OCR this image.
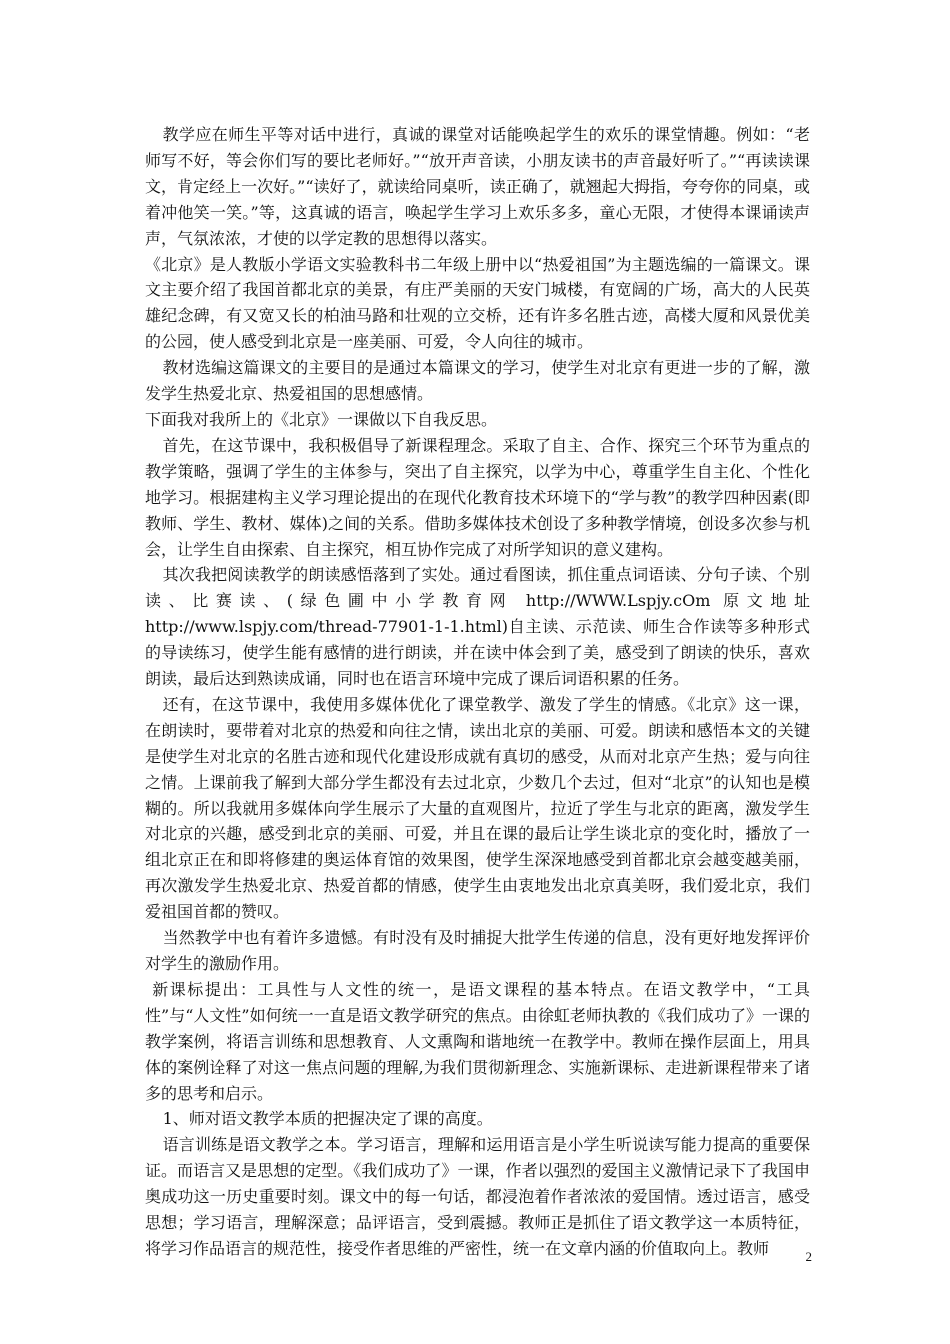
教学应在师生平等对话中进行，真诚的课堂对话能唤起学生的欢乐的课堂情趣。例如：“老师写不好，等会你们写的要比老师好。”“放开声音读，小朋友读书的声音最好听了。”“再读读课文，肯定经上一次好。”“读好了，就读给同桌听，读正确了，就翘起大拇指，夸夸你的同桌，或着冲他笑一笑。”等，这真诚的语言，唤起学生学习上欢乐多多，童心无限，才使得本课诵读声声，气氛浓浓，才使的以学定教的思想得以落实。

《北京》是人教版小学语文实验教科书二年级上册中以“热爱祖国”为主题选编的一篇课文。课文主要介绍了我国首都北京的美景，有庄严美丽的天安门城楼，有宽阔的广场，高大的人民英雄纪念碑，有又宽又长的柏油马路和壮观的立交桥，还有许多名胜古迹，高楼大厦和风景优美的公园，使人感受到北京是一座美丽、可爱，令人向往的城市。

教材选编这篇课文的主要目的是通过本篇课文的学习，使学生对北京有更进一步的了解，激发学生热爱北京、热爱祖国的思想感情。

下面我对我所上的《北京》一课做以下自我反思。

首先，在这节课中，我积极倡导了新课程理念。采取了自主、合作、探究三个环节为重点的教学策略，强调了学生的主体参与，突出了自主探究，以学为中心，尊重学生自主化、个性化地学习。根据建构主义学习理论提出的在现代化教育技术环境下的“学与教”的教学四种因素(即教师、学生、教材、媒体)之间的关系。借助多媒体技术创设了多种教学情境，创设多次参与机会，让学生自由探索、自主探究，相互协作完成了对所学知识的意义建构。

其次我把阅读教学的朗读感悟落到了实处。通过看图读，抓住重点词语读、分句子读、个别读、比赛读、(绿色圃中小学教育网 http://WWW.Lspjy.cOm 原文地址 http://www.lspjy.com/thread-77901-1-1.html)自主读、示范读、师生合作读等多种形式的导读练习，使学生能有感情的进行朗读，并在读中体会到了美，感受到了朗读的快乐，喜欢朗读，最后达到熟读成诵，同时也在语言环境中完成了课后词语积累的任务。

还有，在这节课中，我使用多媒体优化了课堂教学、激发了学生的情感。《北京》这一课，在朗读时，要带着对北京的热爱和向往之情，读出北京的美丽、可爱。朗读和感悟本文的关键是使学生对北京的名胜古迹和现代化建设形成就有真切的感受，从而对北京产生热；爱与向往之情。上课前我了解到大部分学生都没有去过北京，少数几个去过，但对“北京”的认知也是模糊的。所以我就用多媒体向学生展示了大量的直观图片，拉近了学生与北京的距离，激发学生对北京的兴趣，感受到北京的美丽、可爱，并且在课的最后让学生谈北京的变化时，播放了一组北京正在和即将修建的奥运体育馆的效果图，使学生深深地感受到首都北京会越变越美丽，再次激发学生热爱北京、热爱首都的情感，使学生由衷地发出北京真美呀，我们爱北京，我们爱祖国首都的赞叹。

当然教学中也有着许多遗憾。有时没有及时捕捉大批学生传递的信息，没有更好地发挥评价对学生的激励作用。

新课标提出：工具性与人文性的统一，是语文课程的基本特点。在语文教学中，“工具性”与“人文性”如何统一一直是语文教学研究的焦点。由徐虹老师执教的《我们成功了》一课的教学案例，将语言训练和思想教育、人文熏陶和谐地统一在教学中。教师在操作层面上，用具体的案例诠释了对这一焦点问题的理解,为我们贯彻新理念、实施新课标、走进新课程带来了诸多的思考和启示。

1、师对语文教学本质的把握决定了课的高度。

语言训练是语文教学之本。学习语言，理解和运用语言是小学生听说读写能力提高的重要保证。而语言又是思想的定型。《我们成功了》一课，作者以强烈的爱国主义激情记录下了我国申奥成功这一历史重要时刻。课文中的每一句话，都浸泡着作者浓浓的爱国情。透过语言，感受思想；学习语言，理解深意；品评语言，受到震撼。教师正是抓住了语文教学这一本质特征，将学习作品语言的规范性，接受作者思维的严密性，统一在文章内涵的价值取向上。教师	2
